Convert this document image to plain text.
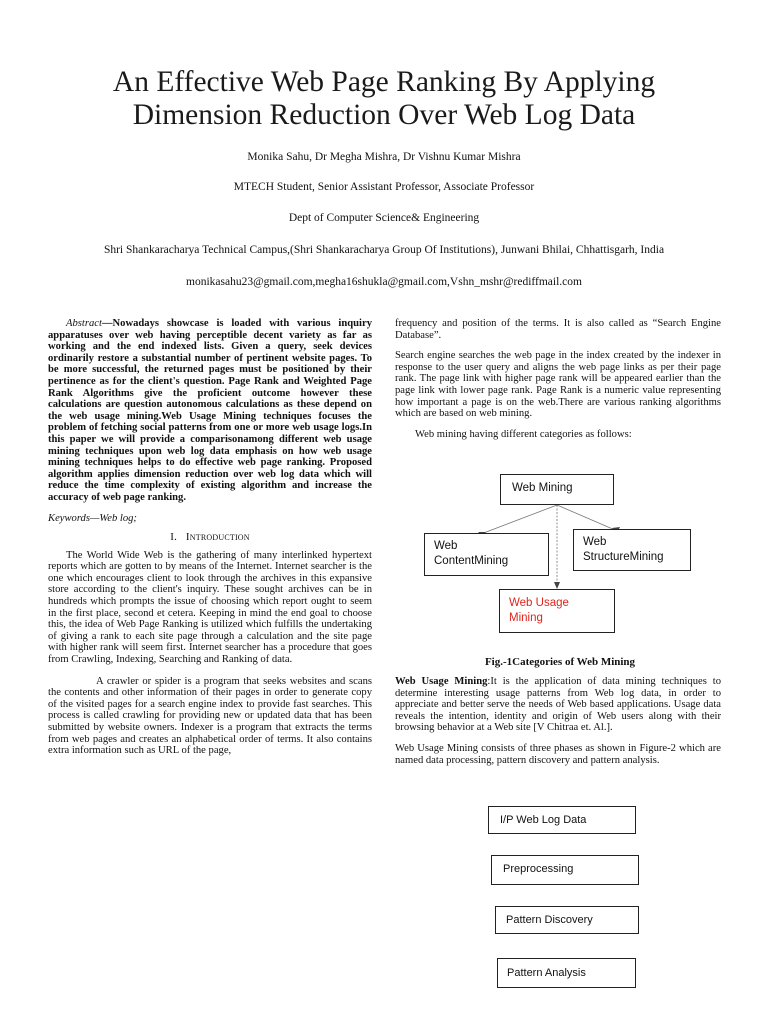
An Effective Web Page Ranking By Applying
Dimension Reduction Over Web Log Data
Monika Sahu, Dr Megha Mishra, Dr Vishnu Kumar Mishra
MTECH Student, Senior Assistant Professor, Associate Professor
Dept of Computer Science& Engineering
Shri Shankaracharya Technical Campus,(Shri Shankaracharya Group Of Institutions), Junwani Bhilai, Chhattisgarh, India
monikasahu23@gmail.com,megha16shukla@gmail.com,Vshn_mshr@rediffmail.com

Abstract—Nowadays showcase is loaded with various inquiry apparatuses over web having perceptible decent variety as far as working and the end indexed lists. Given a query, seek devices ordinarily restore a substantial number of pertinent website pages. To be more successful, the returned pages must be positioned by their pertinence as for the client's question. Page Rank and Weighted Page Rank Algorithms give the proficient outcome however these calculations are question autonomous calculations as these depend on the web usage mining.Web Usage Mining techniques focuses the problem of fetching social patterns from one or more web usage logs.In this paper we will provide a comparisonamong different web usage mining techniques upon web log data emphasis on how web usage mining techniques helps to do effective web page ranking. Proposed algorithm applies dimension reduction over web log data which will reduce the time complexity of existing algorithm and increase the accuracy of web page ranking.

Keywords—Web log;

I. Introduction

The World Wide Web is the gathering of many interlinked hypertext reports which are gotten to by means of the Internet. Internet searcher is the one which encourages client to look through the archives in this expansive store according to the client's inquiry. These sought archives can be in hundreds which prompts the issue of choosing which report ought to seem in the first place, second et cetera. Keeping in mind the end goal to choose this, the idea of Web Page Ranking is utilized which fulfills the undertaking of giving a rank to each site page through a calculation and the site page with higher rank will seem first. Internet searcher has a procedure that goes from Crawling, Indexing, Searching and Ranking of data.

A crawler or spider is a program that seeks websites and scans the contents and other information of their pages in order to generate copy of the visited pages for a search engine index to provide fast searches. This process is called crawling for providing new or updated data that has been submitted by website owners. Indexer is a program that extracts the terms from web pages and creates an alphabetical order of terms. It also contains extra information such as URL of the page,

frequency and position of the terms. It is also called as “Search Engine Database”.

Search engine searches the web page in the index created by the indexer in response to the user query and aligns the web page links as per their page rank. The page link with higher page rank will be appeared earlier than the page link with lower page rank. Page Rank is a numeric value representing how important a page is on the web.There are various ranking algorithms which are based on web mining.

Web mining having different categories as follows:

Web Mining
Web
ContentMining
Web
StructureMining
Web Usage
Mining
Fig.-1Categories of Web Mining

Web Usage Mining:It is the application of data mining techniques to determine interesting usage patterns from Web log data, in order to appreciate and better serve the needs of Web based applications. Usage data reveals the intention, identity and origin of Web users along with their browsing behavior at a Web site [V Chitraa et. Al.].

Web Usage Mining consists of three phases as shown in Figure-2 which are named data processing, pattern discovery and pattern analysis.

I/P Web Log Data
Preprocessing
Pattern Discovery
Pattern Analysis
